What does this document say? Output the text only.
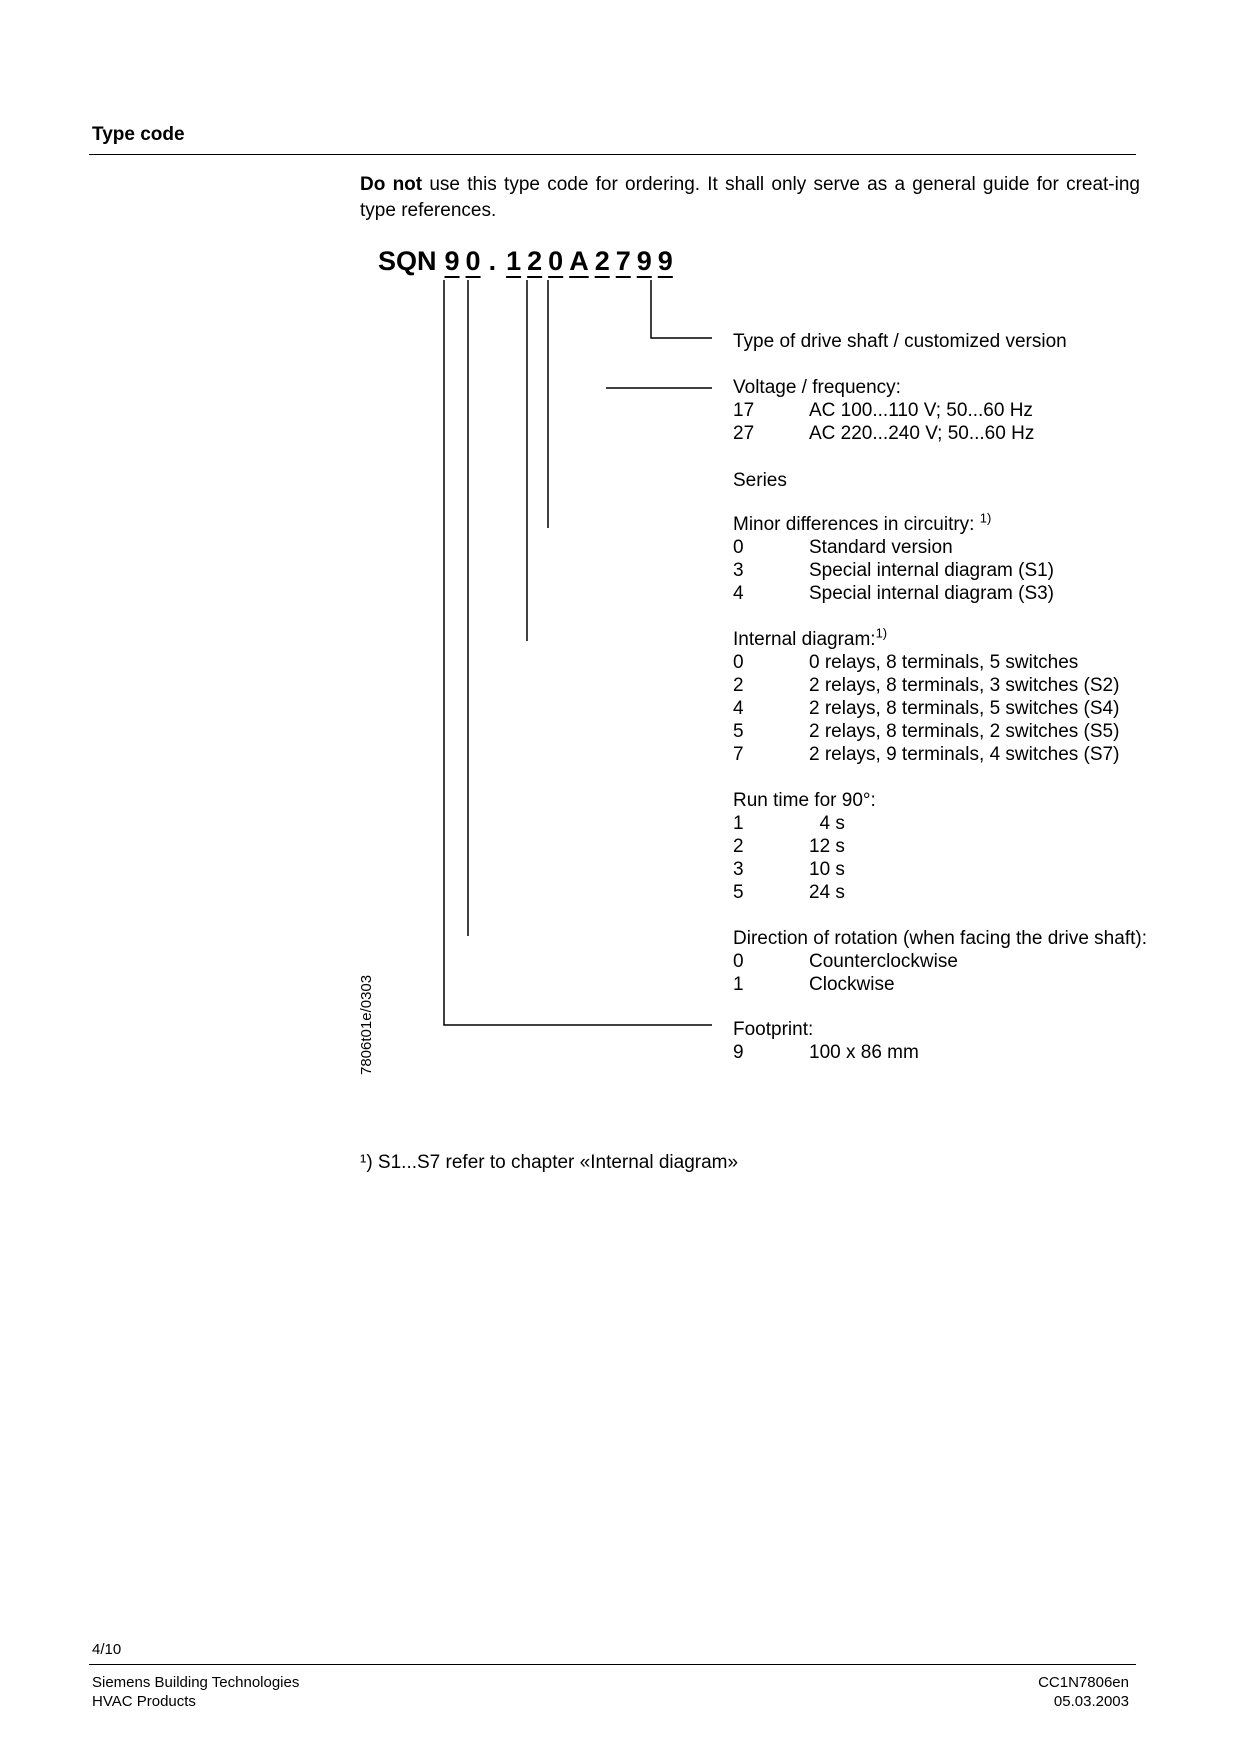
Type code
Do not use this type code for ordering. It shall only serve as a general guide for creat-ing type references.
SQN 9 0 . 1 2 0 A 2 7 9 9
Type of drive shaft / customized version
Voltage / frequency:
17	AC 100...110 V; 50...60 Hz
27	AC 220...240 V; 50...60 Hz
Series
Minor differences in circuitry: $^{1)}$
0	Standard version
3	Special internal diagram (S1)
4	Special internal diagram (S3)
Internal diagram:$^{1)}$
0	0 relays, 8 terminals, 5 switches
2	2 relays, 8 terminals, 3 switches (S2)
4	2 relays, 8 terminals, 5 switches (S4)
5	2 relays, 8 terminals, 2 switches (S5)
7	2 relays, 9 terminals, 4 switches (S7)
Run time for 90°:
1	4 s
2	12 s
3	10 s
5	24 s
Direction of rotation (when facing the drive shaft):
0	Counterclockwise
1	Clockwise
Footprint:
9	100 x 86 mm
7806t01e/0303
¹) S1...S7 refer to chapter «Internal diagram»
4/10
Siemens Building Technologies
HVAC Products
CC1N7806en
05.03.2003
